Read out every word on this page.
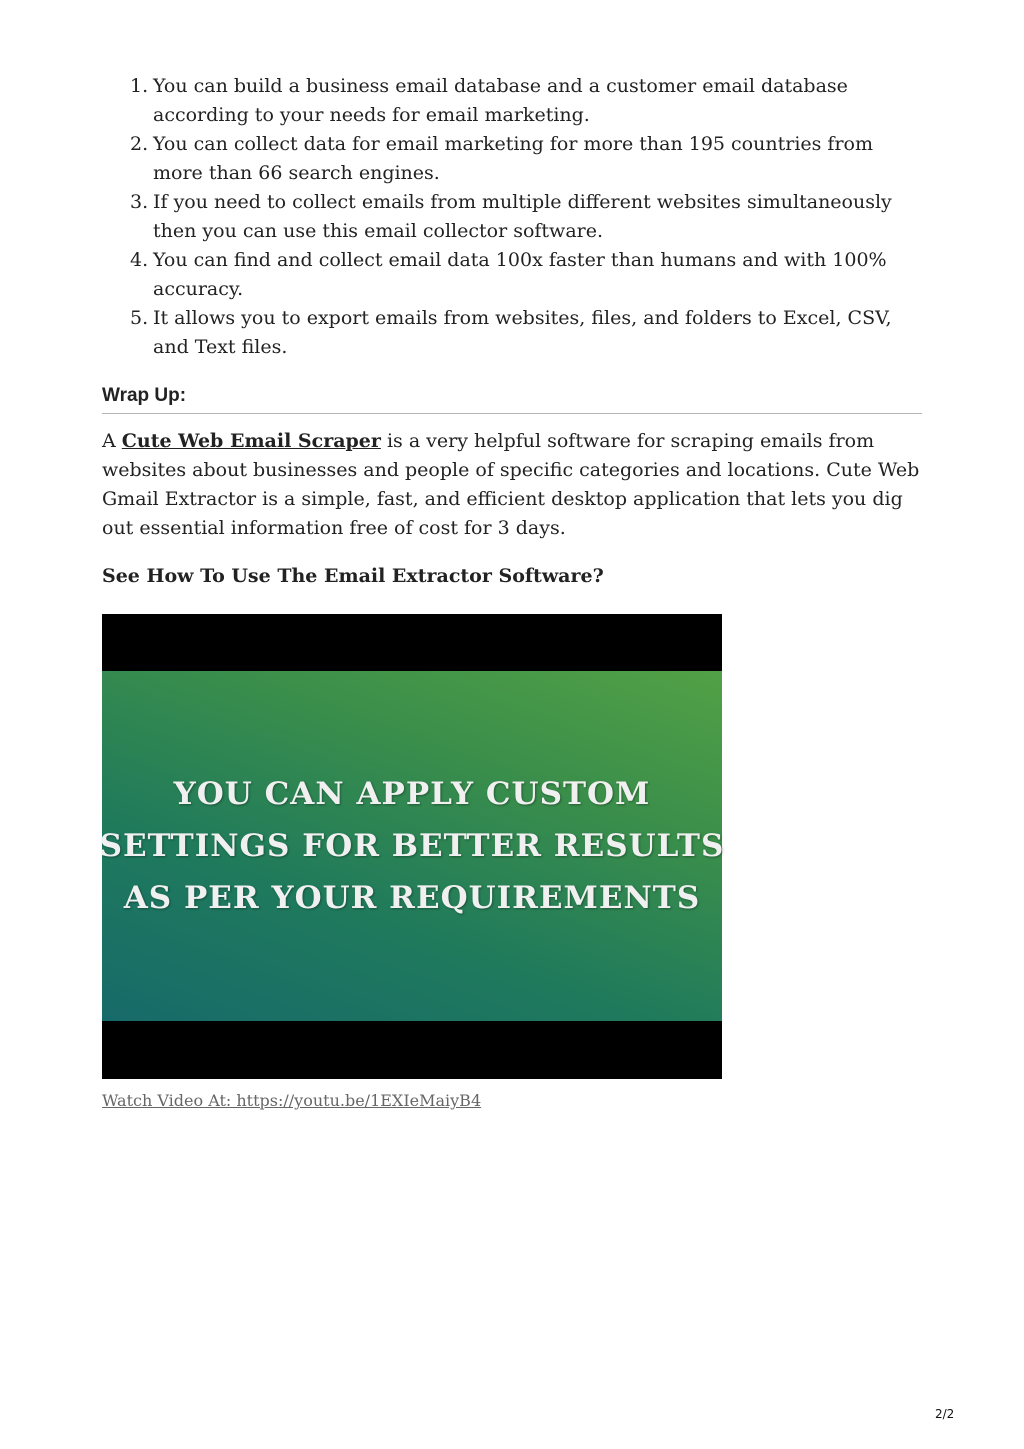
1. You can build a business email database and a customer email database according to your needs for email marketing.
2. You can collect data for email marketing for more than 195 countries from more than 66 search engines.
3. If you need to collect emails from multiple different websites simultaneously then you can use this email collector software.
4. You can find and collect email data 100x faster than humans and with 100% accuracy.
5. It allows you to export emails from websites, files, and folders to Excel, CSV, and Text files.
Wrap Up:

A Cute Web Email Scraper is a very helpful software for scraping emails from websites about businesses and people of specific categories and locations. Cute Web Gmail Extractor is a simple, fast, and efficient desktop application that lets you dig out essential information free of cost for 3 days.

See How To Use The Email Extractor Software?
YOU CAN APPLY CUSTOM
SETTINGS FOR BETTER RESULTS
AS PER YOUR REQUIREMENTS
Watch Video At: https://youtu.be/1EXIeMaiyB4
2/2
